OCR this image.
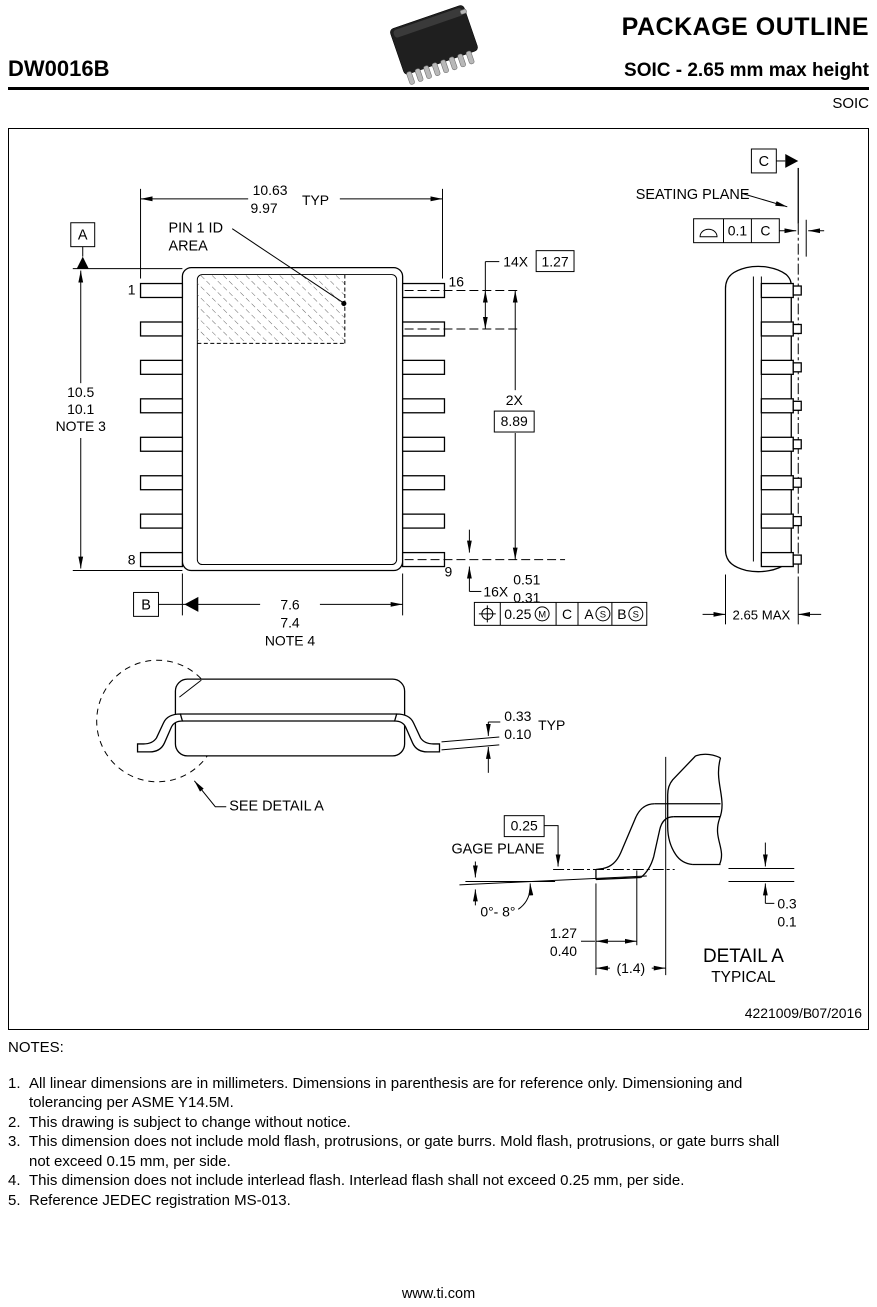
PACKAGE OUTLINE
DW0016B	SOIC - 2.65 mm max height
SOIC
10.63
9.97 TYP
A
10.5
10.1
NOTE 3
PIN 1 ID
AREA
1
8
16
9
14X 1.27
2X
8.89
16X
0.51
0.31
0.25 M C A S B S
B	7.6
7.4
NOTE 4
C
SEATING PLANE
0.1 C
2.65 MAX
0.33
0.10
TYP
SEE DETAIL A
0.25
GAGE PLANE
0°- 8°
1.27
0.40
(1.4)
0.3
0.1
DETAIL A
TYPICAL
4221009/B 07/2016
NOTES:
1. All linear dimensions are in millimeters. Dimensions in parenthesis are for reference only. Dimensioning and tolerancing per ASME Y14.5M.
2. This drawing is subject to change without notice.
3. This dimension does not include mold flash, protrusions, or gate burrs. Mold flash, protrusions, or gate burrs shall not exceed 0.15 mm, per side.
4. This dimension does not include interlead flash. Interlead flash shall not exceed 0.25 mm, per side.
5. Reference JEDEC registration MS-013.
www.ti.com
